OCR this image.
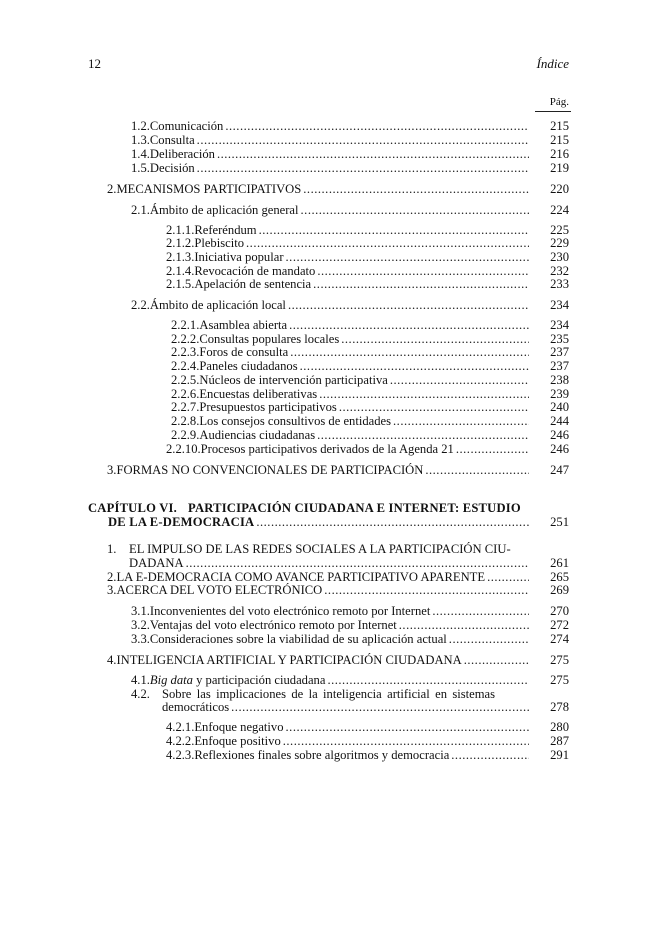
12	Índice
Pág.
1.2. Comunicación .....	215
1.3. Consulta .....	215
1.4. Deliberación .....	216
1.5. Decisión .....	219
2. MECANISMOS PARTICIPATIVOS .....	220
2.1. Ámbito de aplicación general .....	224
2.1.1. Referéndum .....	225
2.1.2. Plebiscito .....	229
2.1.3. Iniciativa popular .....	230
2.1.4. Revocación de mandato .....	232
2.1.5. Apelación de sentencia .....	233
2.2. Ámbito de aplicación local .....	234
2.2.1. Asamblea abierta .....	234
2.2.2. Consultas populares locales .....	235
2.2.3. Foros de consulta .....	237
2.2.4. Paneles ciudadanos .....	237
2.2.5. Núcleos de intervención participativa .....	238
2.2.6. Encuestas deliberativas .....	239
2.2.7. Presupuestos participativos .....	240
2.2.8. Los consejos consultivos de entidades .....	244
2.2.9. Audiencias ciudadanas .....	246
2.2.10. Procesos participativos derivados de la Agenda 21 .....	246
3. FORMAS NO CONVENCIONALES DE PARTICIPACIÓN .....	247
CAPÍTULO VI. PARTICIPACIÓN CIUDADANA E INTERNET: ESTUDIO
DE LA E-DEMOCRACIA .....	251
1. EL IMPULSO DE LAS REDES SOCIALES A LA PARTICIPACIÓN CIU-
DADANA .....	261
2. LA E-DEMOCRACIA COMO AVANCE PARTICIPATIVO APARENTE .....	265
3. ACERCA DEL VOTO ELECTRÓNICO .....	269
3.1. Inconvenientes del voto electrónico remoto por Internet .....	270
3.2. Ventajas del voto electrónico remoto por Internet .....	272
3.3. Consideraciones sobre la viabilidad de su aplicación actual .....	274
4. INTELIGENCIA ARTIFICIAL Y PARTICIPACIÓN CIUDADANA .....	275
4.1. Big data y participación ciudadana .....	275
4.2. Sobre las implicaciones de la inteligencia artificial en sistemas
democráticos .....	278
4.2.1. Enfoque negativo .....	280
4.2.2. Enfoque positivo .....	287
4.2.3. Reflexiones finales sobre algoritmos y democracia .....	291
